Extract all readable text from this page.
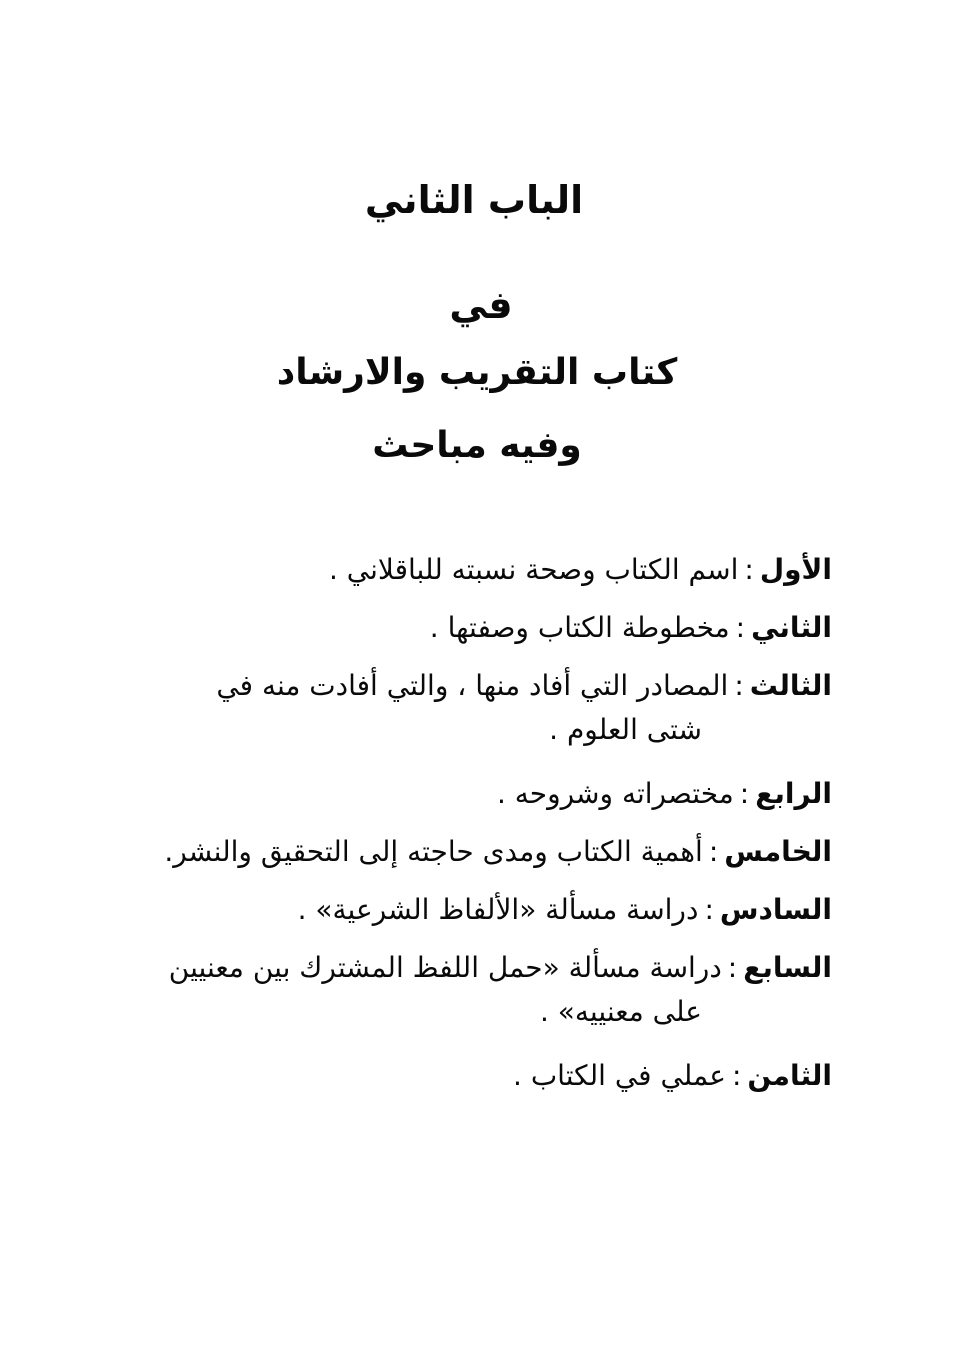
الباب الثاني
في
كتاب التقريب والارشاد
وفيه مباحث
الأول:اسم الكتاب وصحة نسبته للباقلاني .
الثاني:مخطوطة الكتاب وصفتها .
الثالث:المصادر التي أفاد منها ، والتي أفادت منه في
شتى العلوم .
الرابع:مختصراته وشروحه .
الخامس:أهمية الكتاب ومدى حاجته إلى التحقيق والنشر.
السادس:دراسة مسألة «الألفاظ الشرعية» .
السابع:دراسة مسألة «حمل اللفظ المشترك بين معنيين
على معنييه» .
الثامن:عملي في الكتاب .
